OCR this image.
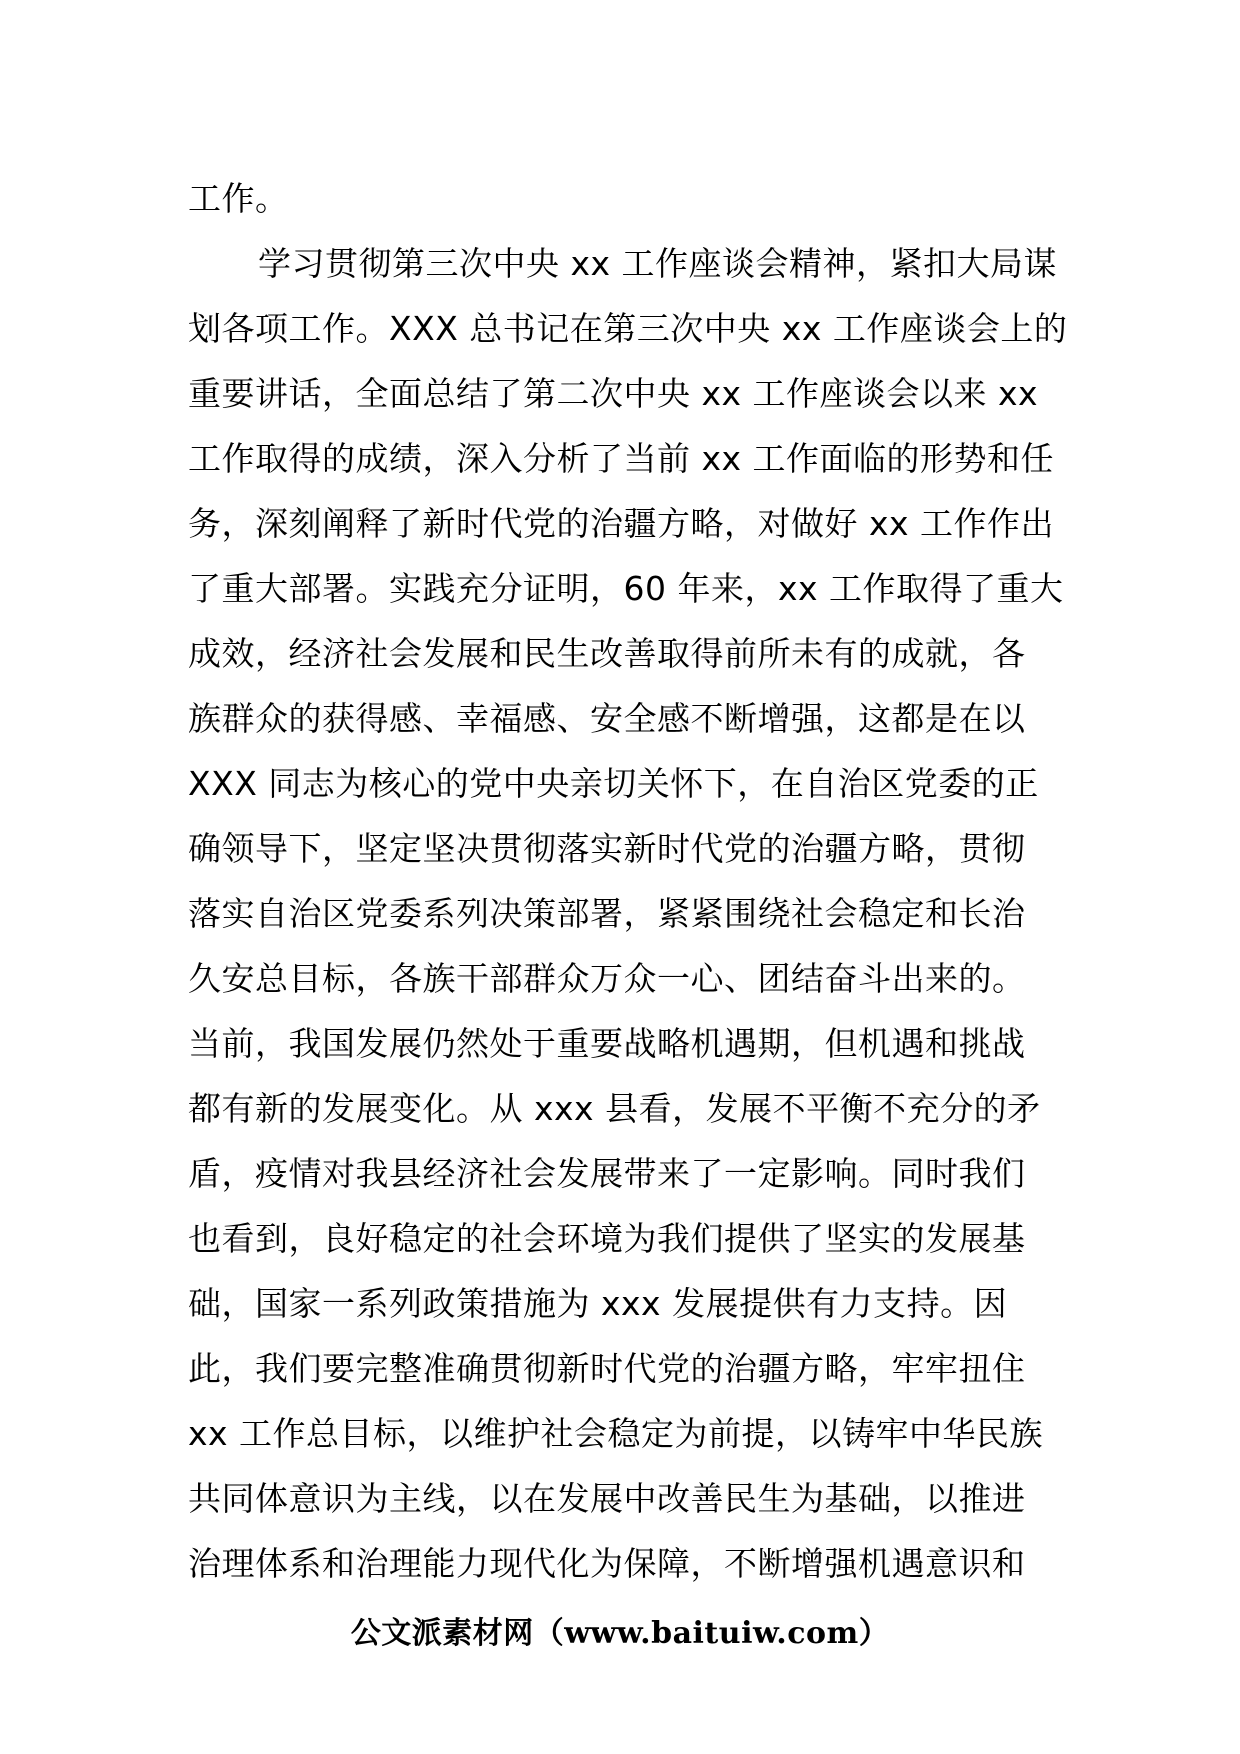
工作。
学习贯彻第三次中央 xx 工作座谈会精神，紧扣大局谋
划各项工作。XXX 总书记在第三次中央 xx 工作座谈会上的
重要讲话，全面总结了第二次中央 xx 工作座谈会以来 xx
工作取得的成绩，深入分析了当前 xx 工作面临的形势和任
务，深刻阐释了新时代党的治疆方略，对做好 xx 工作作出
了重大部署。实践充分证明，60 年来，xx 工作取得了重大
成效，经济社会发展和民生改善取得前所未有的成就，各
族群众的获得感、幸福感、安全感不断增强，这都是在以
XXX 同志为核心的党中央亲切关怀下，在自治区党委的正
确领导下，坚定坚决贯彻落实新时代党的治疆方略，贯彻
落实自治区党委系列决策部署，紧紧围绕社会稳定和长治
久安总目标，各族干部群众万众一心、团结奋斗出来的。
当前，我国发展仍然处于重要战略机遇期，但机遇和挑战
都有新的发展变化。从 xxx 县看，发展不平衡不充分的矛
盾，疫情对我县经济社会发展带来了一定影响。同时我们
也看到，良好稳定的社会环境为我们提供了坚实的发展基
础，国家一系列政策措施为 xxx 发展提供有力支持。因
此，我们要完整准确贯彻新时代党的治疆方略，牢牢扭住
xx 工作总目标，以维护社会稳定为前提，以铸牢中华民族
共同体意识为主线，以在发展中改善民生为基础，以推进
治理体系和治理能力现代化为保障，不断增强机遇意识和
公文派素材网（www.baituiw.com）
